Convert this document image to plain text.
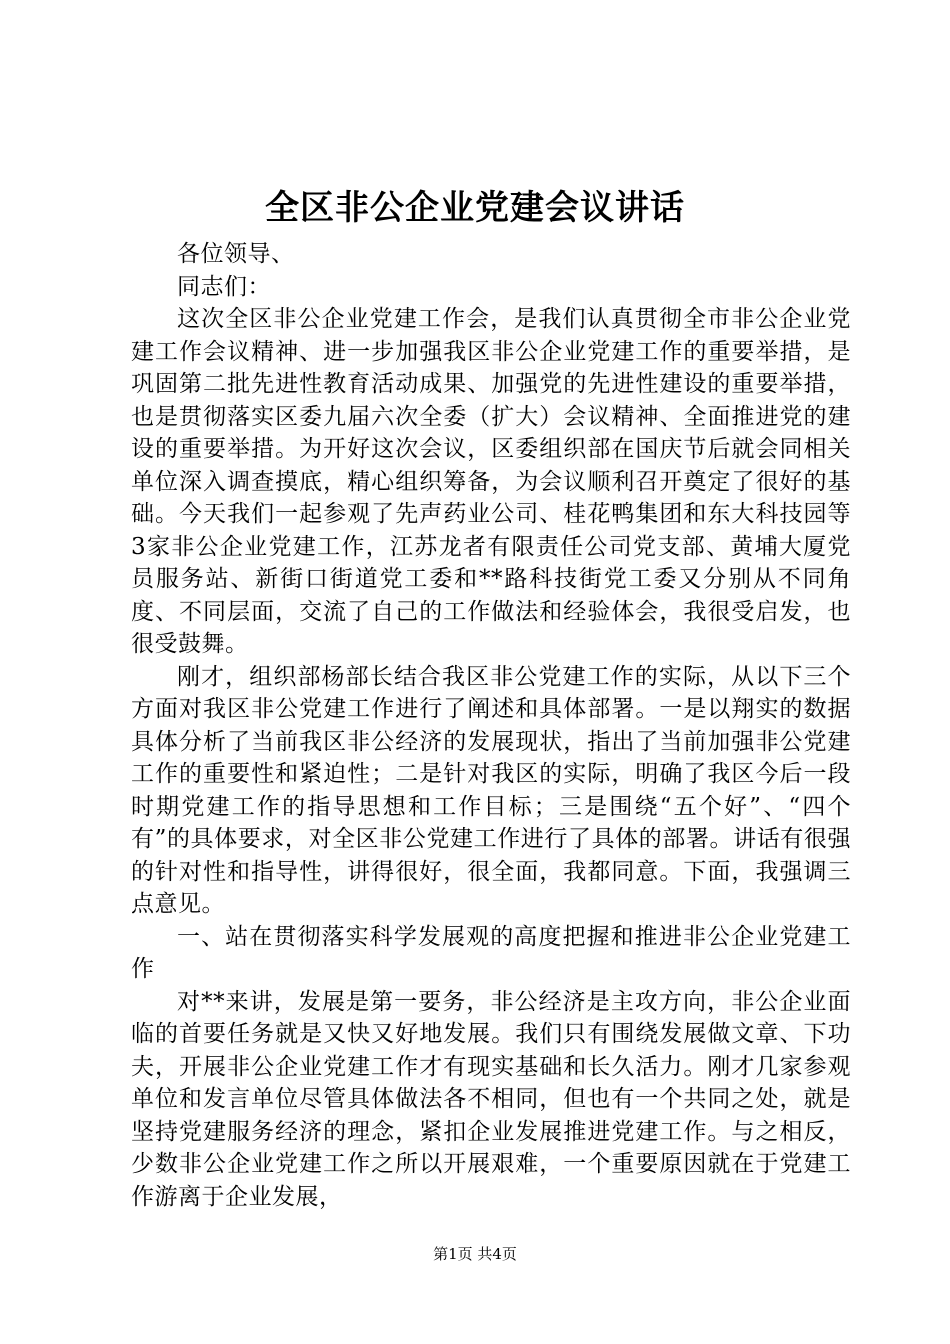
全区非公企业党建会议讲话

各位领导、

同志们：

这次全区非公企业党建工作会，是我们认真贯彻全市非公企业党建工作会议精神、进一步加强我区非公企业党建工作的重要举措，是巩固第二批先进性教育活动成果、加强党的先进性建设的重要举措，也是贯彻落实区委九届六次全委（扩大）会议精神、全面推进党的建设的重要举措。为开好这次会议，区委组织部在国庆节后就会同相关单位深入调查摸底，精心组织筹备，为会议顺利召开奠定了很好的基础。今天我们一起参观了先声药业公司、桂花鸭集团和东大科技园等3家非公企业党建工作，江苏龙者有限责任公司党支部、黄埔大厦党员服务站、新街口街道党工委和**路科技街党工委又分别从不同角度、不同层面，交流了自己的工作做法和经验体会，我很受启发，也很受鼓舞。

刚才，组织部杨部长结合我区非公党建工作的实际，从以下三个方面对我区非公党建工作进行了阐述和具体部署。一是以翔实的数据具体分析了当前我区非公经济的发展现状，指出了当前加强非公党建工作的重要性和紧迫性；二是针对我区的实际，明确了我区今后一段时期党建工作的指导思想和工作目标；三是围绕“五个好”、“四个有”的具体要求，对全区非公党建工作进行了具体的部署。讲话有很强的针对性和指导性，讲得很好，很全面，我都同意。下面，我强调三点意见。

一、站在贯彻落实科学发展观的高度把握和推进非公企业党建工作

对**来讲，发展是第一要务，非公经济是主攻方向，非公企业面临的首要任务就是又快又好地发展。我们只有围绕发展做文章、下功夫，开展非公企业党建工作才有现实基础和长久活力。刚才几家参观单位和发言单位尽管具体做法各不相同，但也有一个共同之处，就是坚持党建服务经济的理念，紧扣企业发展推进党建工作。与之相反，少数非公企业党建工作之所以开展艰难，一个重要原因就在于党建工作游离于企业发展，

第1页 共4页
